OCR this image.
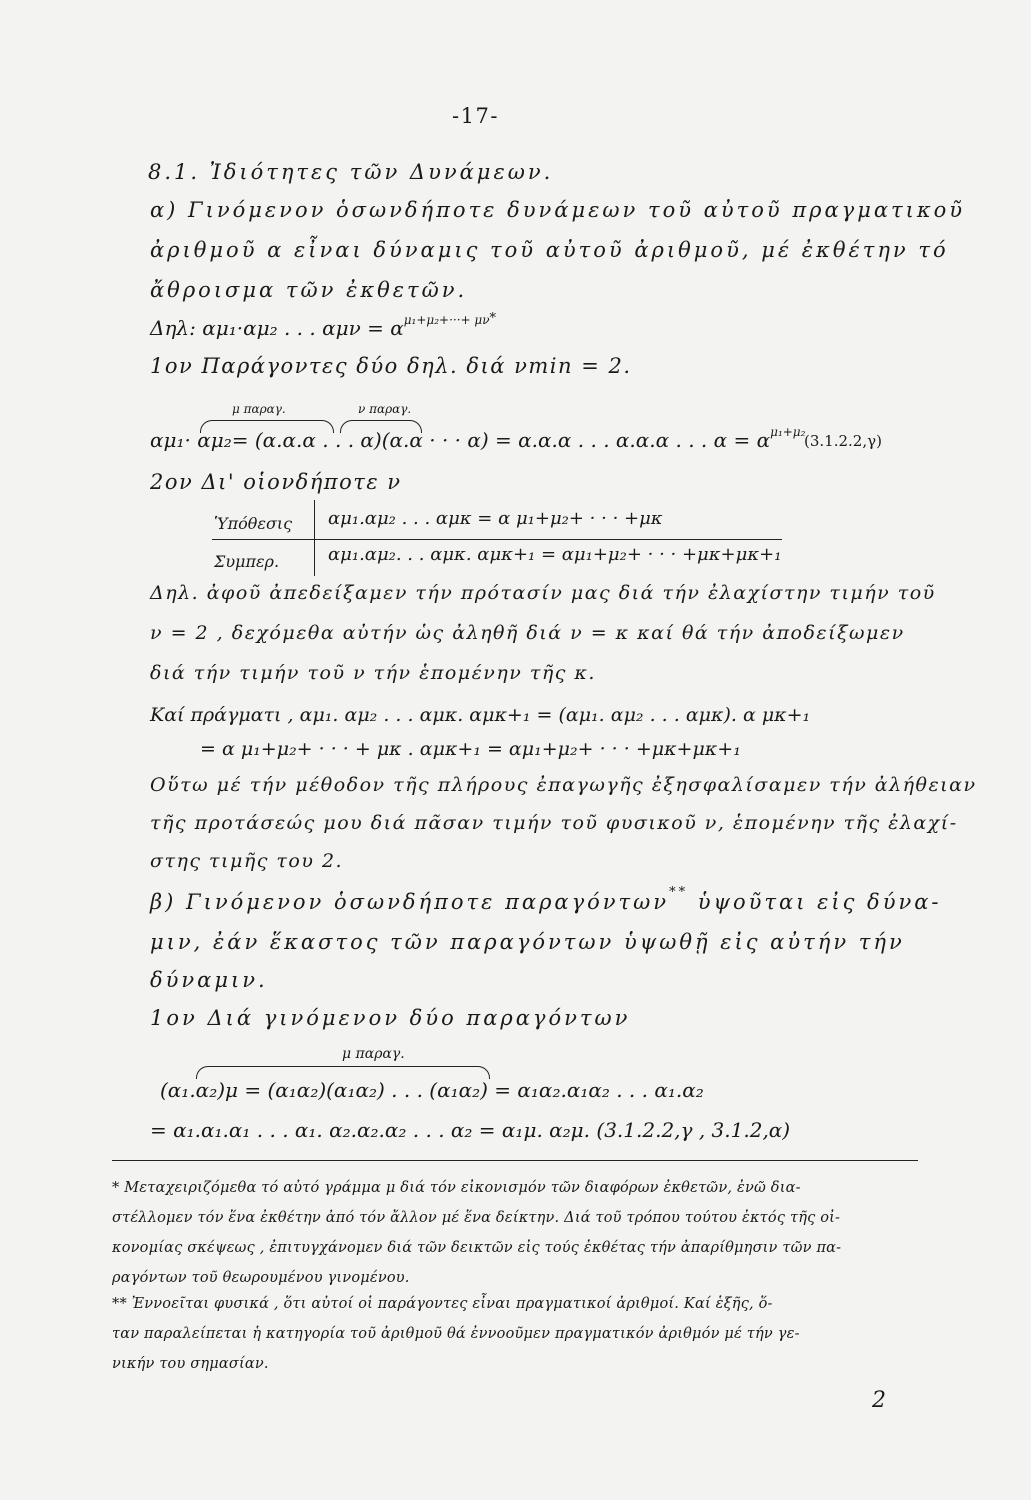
-17-
8.1. Ἰδιότητες τῶν Δυνάμεων.
α) Γινόμενον ὁσωνδήποτε δυνάμεων τοῦ αὐτοῦ πραγματικοῦ
ἀριθμοῦ α εἶναι δύναμις τοῦ αὐτοῦ ἀριθμοῦ, μέ ἐκθέτην τό
ἄθροισμα τῶν ἐκθετῶν.
Δηλ: αμ₁·αμ₂ . . . $\alpha\mu\nu = \alpha^{\mu_1+\mu_2+\cdot\cdot\cdot+ \mu\nu*}$
1ον Παράγοντες δύο δηλ. διά νmin = 2.
μ παραγ.	ν παραγ.
αμ₁· αμ₂= (α.α.α . . . α)(α.α · · · α) = α.α.α . . . α.α.α . . . $\alpha = \alpha^{\mu_1+\mu_2}$
(3.1.2.2,γ)
2ον Δι' οἱονδήποτε ν
Ὑπόθεσις αμ₁.αμ₂ . . . αμκ = α μ₁+μ₂+ · · · +μκ
Συμπερ.	αμ₁.αμ₂. . . αμκ. αμκ+₁ = αμ₁+μ₂+ · · · +μκ+μκ+₁
Δηλ. ἀφοῦ ἀπεδείξαμεν τήν πρότασίν μας διά τήν ἐλαχίστην τιμήν τοῦ
ν = 2 , δεχόμεθα αὐτήν ὡς ἀληθῆ διά ν = κ καί θά τήν ἀποδείξωμεν
διά τήν τιμήν τοῦ ν τήν ἑπομένην τῆς κ.
Καί πράγματι , αμ₁. αμ₂ . . . αμκ. αμκ+₁ = (αμ₁. αμ₂ . . . αμκ). α μκ+₁
= α μ₁+μ₂+ · · · + μκ . αμκ+₁ = αμ₁+μ₂+ · · · +μκ+μκ+₁
Οὕτω μέ τήν μέθοδον τῆς πλήρους ἐπαγωγῆς ἐξησφαλίσαμεν τήν ἀλήθειαν
τῆς προτάσεώς μου διά πᾶσαν τιμήν τοῦ φυσικοῦ ν, ἑπομένην τῆς ἐλαχί-
στης τιμῆς του 2.
β) Γινόμενον ὁσωνδήποτε παραγόντων** ὑψοῦται εἰς δύνα-
μιν, ἐάν ἕκαστος τῶν παραγόντων ὑψωθῇ εἰς αὐτήν τήν
δύναμιν.
1ον Διά γινόμενον δύο παραγόντων
μ παραγ.
(α₁.α₂)μ = (α₁α₂)(α₁α₂) . . . (α₁α₂) = α₁α₂.α₁α₂ . . . α₁.α₂
= α₁.α₁.α₁ . . . α₁. α₂.α₂.α₂ . . . α₂ = α₁μ. α₂μ. (3.1.2.2,γ , 3.1.2,α)
* Μεταχειριζόμεθα τό αὐτό γράμμα μ διά τόν εἰκονισμόν τῶν διαφόρων ἐκθετῶν, ἐνῶ δια-
στέλλομεν τόν ἕνα ἐκθέτην ἀπό τόν ἄλλον μέ ἕνα δείκτην. Διά τοῦ τρόπου τούτου ἐκτός τῆς οἰ-
κονομίας σκέψεως , ἐπιτυγχάνομεν διά τῶν δεικτῶν εἰς τούς ἐκθέτας τήν ἀπαρίθμησιν τῶν πα-
ραγόντων τοῦ θεωρουμένου γινομένου.
** Ἐννοεῖται φυσικά , ὅτι αὐτοί οἱ παράγοντες εἶναι πραγματικοί ἀριθμοί. Καί ἑξῆς, ὅ-
ταν παραλείπεται ἡ κατηγορία τοῦ ἀριθμοῦ θά ἐννοοῦμεν πραγματικόν ἀριθμόν μέ τήν γε-
νικήν του σημασίαν.
2
